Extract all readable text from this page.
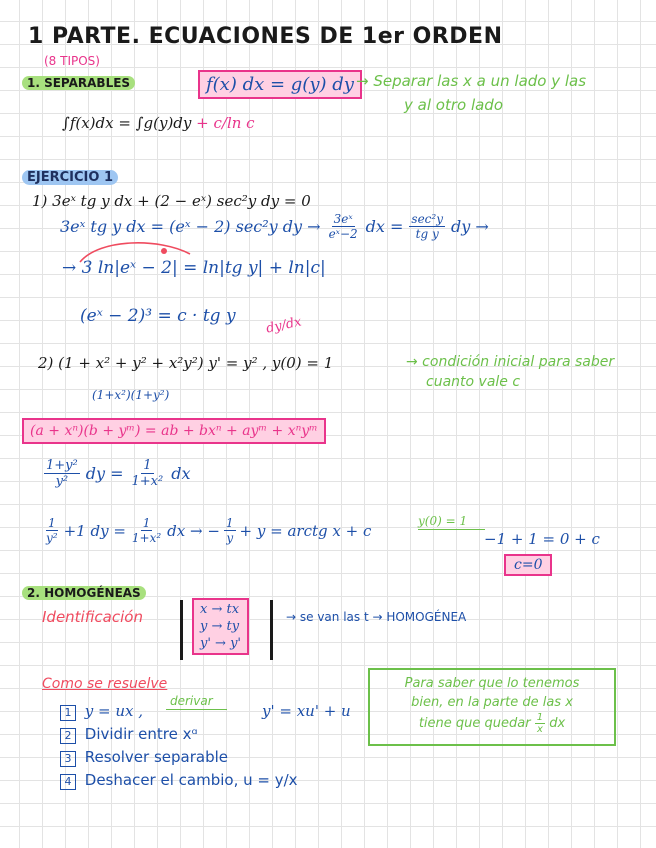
1 PARTE. ECUACIONES DE 1er ORDEN
(8 TIPOS)
1. SEPARABLES	f(x) dx = g(y) dy → Separar las x a un lado y las
y al otro lado
∫f(x)dx = ∫g(y)dy + c/ln c
EJERCICIO 1
1) 3eˣ tg y dx + (2 − eˣ) sec²y dy = 0
3eˣ tg y dx = (eˣ − 2) sec²y dy → $\frac{\text{3eˣ}}{\text{eˣ−2}}$ dx = $\frac{\text{sec²y}}{\text{tg y}}$ dy →
→ 3 ln|eˣ − 2| = ln|tg y| + ln|c|
(eˣ − 2)³ = c · tg y dy/dx
2) (1 + x² + y² + x²y²) y' = y² , y(0) = 1	→ condición inicial para saber
cuanto vale c
(1+x²)(1+y²)
(a + xⁿ)(b + yᵐ) = ab + bxⁿ + ayᵐ + xⁿyᵐ
$\frac{\text{1+y²}}{\text{y²}}$ dy = $\frac{1}{\text{1+x²}}$ dx
$\frac{1}{\text{y²}} +1$ dy = $\frac{1}{\text{1+x²}}$ dx → − $\frac{1}{y} + y$ = arctg x + c
y(0) = 1
−1 + 1 = 0 + c
c=0
2. HOMOGÉNEAS
Identificación	x → tx
y → ty
y' → y'
→ se van las t → HOMOGÉNEA
Como se resuelve
1 y = ux ,
2 Dividir entre xᵅ
3 Resolver separable
4 Deshacer el cambio, u = y/x
derivar
y' = xu' + u
Para saber que lo tenemos
bien, en la parte de las x
tiene que quedar $\frac{1}{x}$ dx
